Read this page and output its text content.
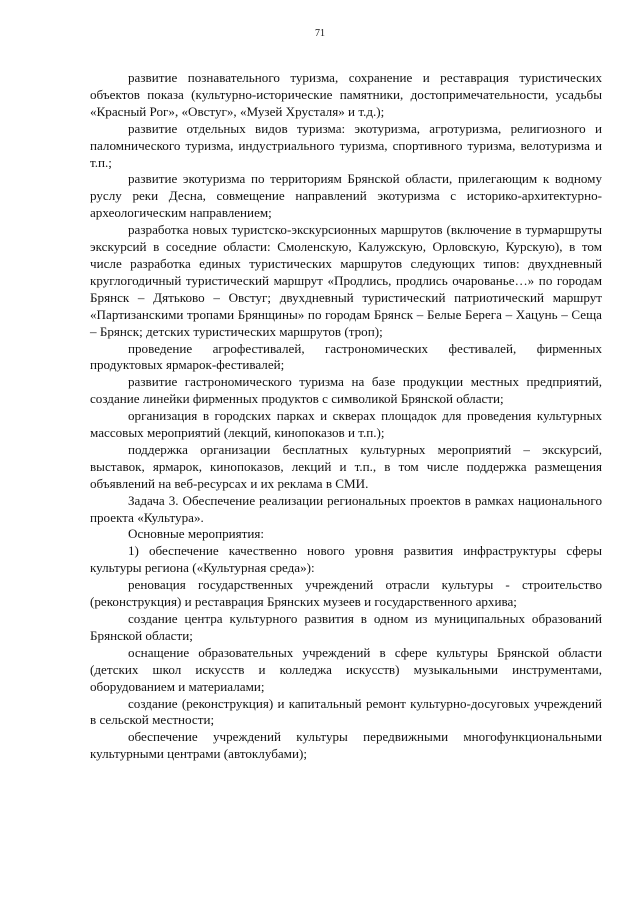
71

развитие познавательного туризма, сохранение и реставрация туристических объектов показа (культурно-исторические памятники, достопримечательности, усадьбы «Красный Рог», «Овстуг», «Музей Хрусталя» и т.д.);

развитие отдельных видов туризма: экотуризма, агротуризма, религиозного и паломнического туризма, индустриального туризма, спортивного туризма, велотуризма и т.п.;

развитие экотуризма по территориям Брянской области, прилегающим к водному руслу реки Десна, совмещение направлений экотуризма с историко-архитектурно-археологическим направлением;

разработка новых туристско-экскурсионных маршрутов (включение в турмаршруты экскурсий в соседние области: Смоленскую, Калужскую, Орловскую, Курскую), в том числе разработка единых туристических маршрутов следующих типов: двухдневный круглогодичный туристический маршрут «Продлись, продлись очарованье…» по городам Брянск – Дятьково – Овстуг; двухдневный туристический патриотический маршрут «Партизанскими тропами Брянщины» по городам Брянск – Белые Берега – Хацунь – Сеща – Брянск; детских туристических маршрутов (троп);

проведение агрофестивалей, гастрономических фестивалей, фирменных продуктовых ярмарок-фестивалей;

развитие гастрономического туризма на базе продукции местных предприятий, создание линейки фирменных продуктов с символикой Брянской области;

организация в городских парках и скверах площадок для проведения культурных массовых мероприятий (лекций, кинопоказов и т.п.);

поддержка организации бесплатных культурных мероприятий – экскурсий, выставок, ярмарок, кинопоказов, лекций и т.п., в том числе поддержка размещения объявлений на веб-ресурсах и их реклама в СМИ.

Задача 3. Обеспечение реализации региональных проектов в рамках национального проекта «Культура».

Основные мероприятия:

1) обеспечение качественно нового уровня развития инфраструктуры сферы культуры региона («Культурная среда»):

реновация государственных учреждений отрасли культуры - строительство (реконструкция) и реставрация Брянских музеев и государственного архива;

создание центра культурного развития в одном из муниципальных образований Брянской области;

оснащение образовательных учреждений в сфере культуры Брянской области (детских школ искусств и колледжа искусств) музыкальными инструментами, оборудованием и материалами;

создание (реконструкция) и капитальный ремонт культурно-досуговых учреждений в сельской местности;

обеспечение учреждений культуры передвижными многофункциональными культурными центрами (автоклубами);
